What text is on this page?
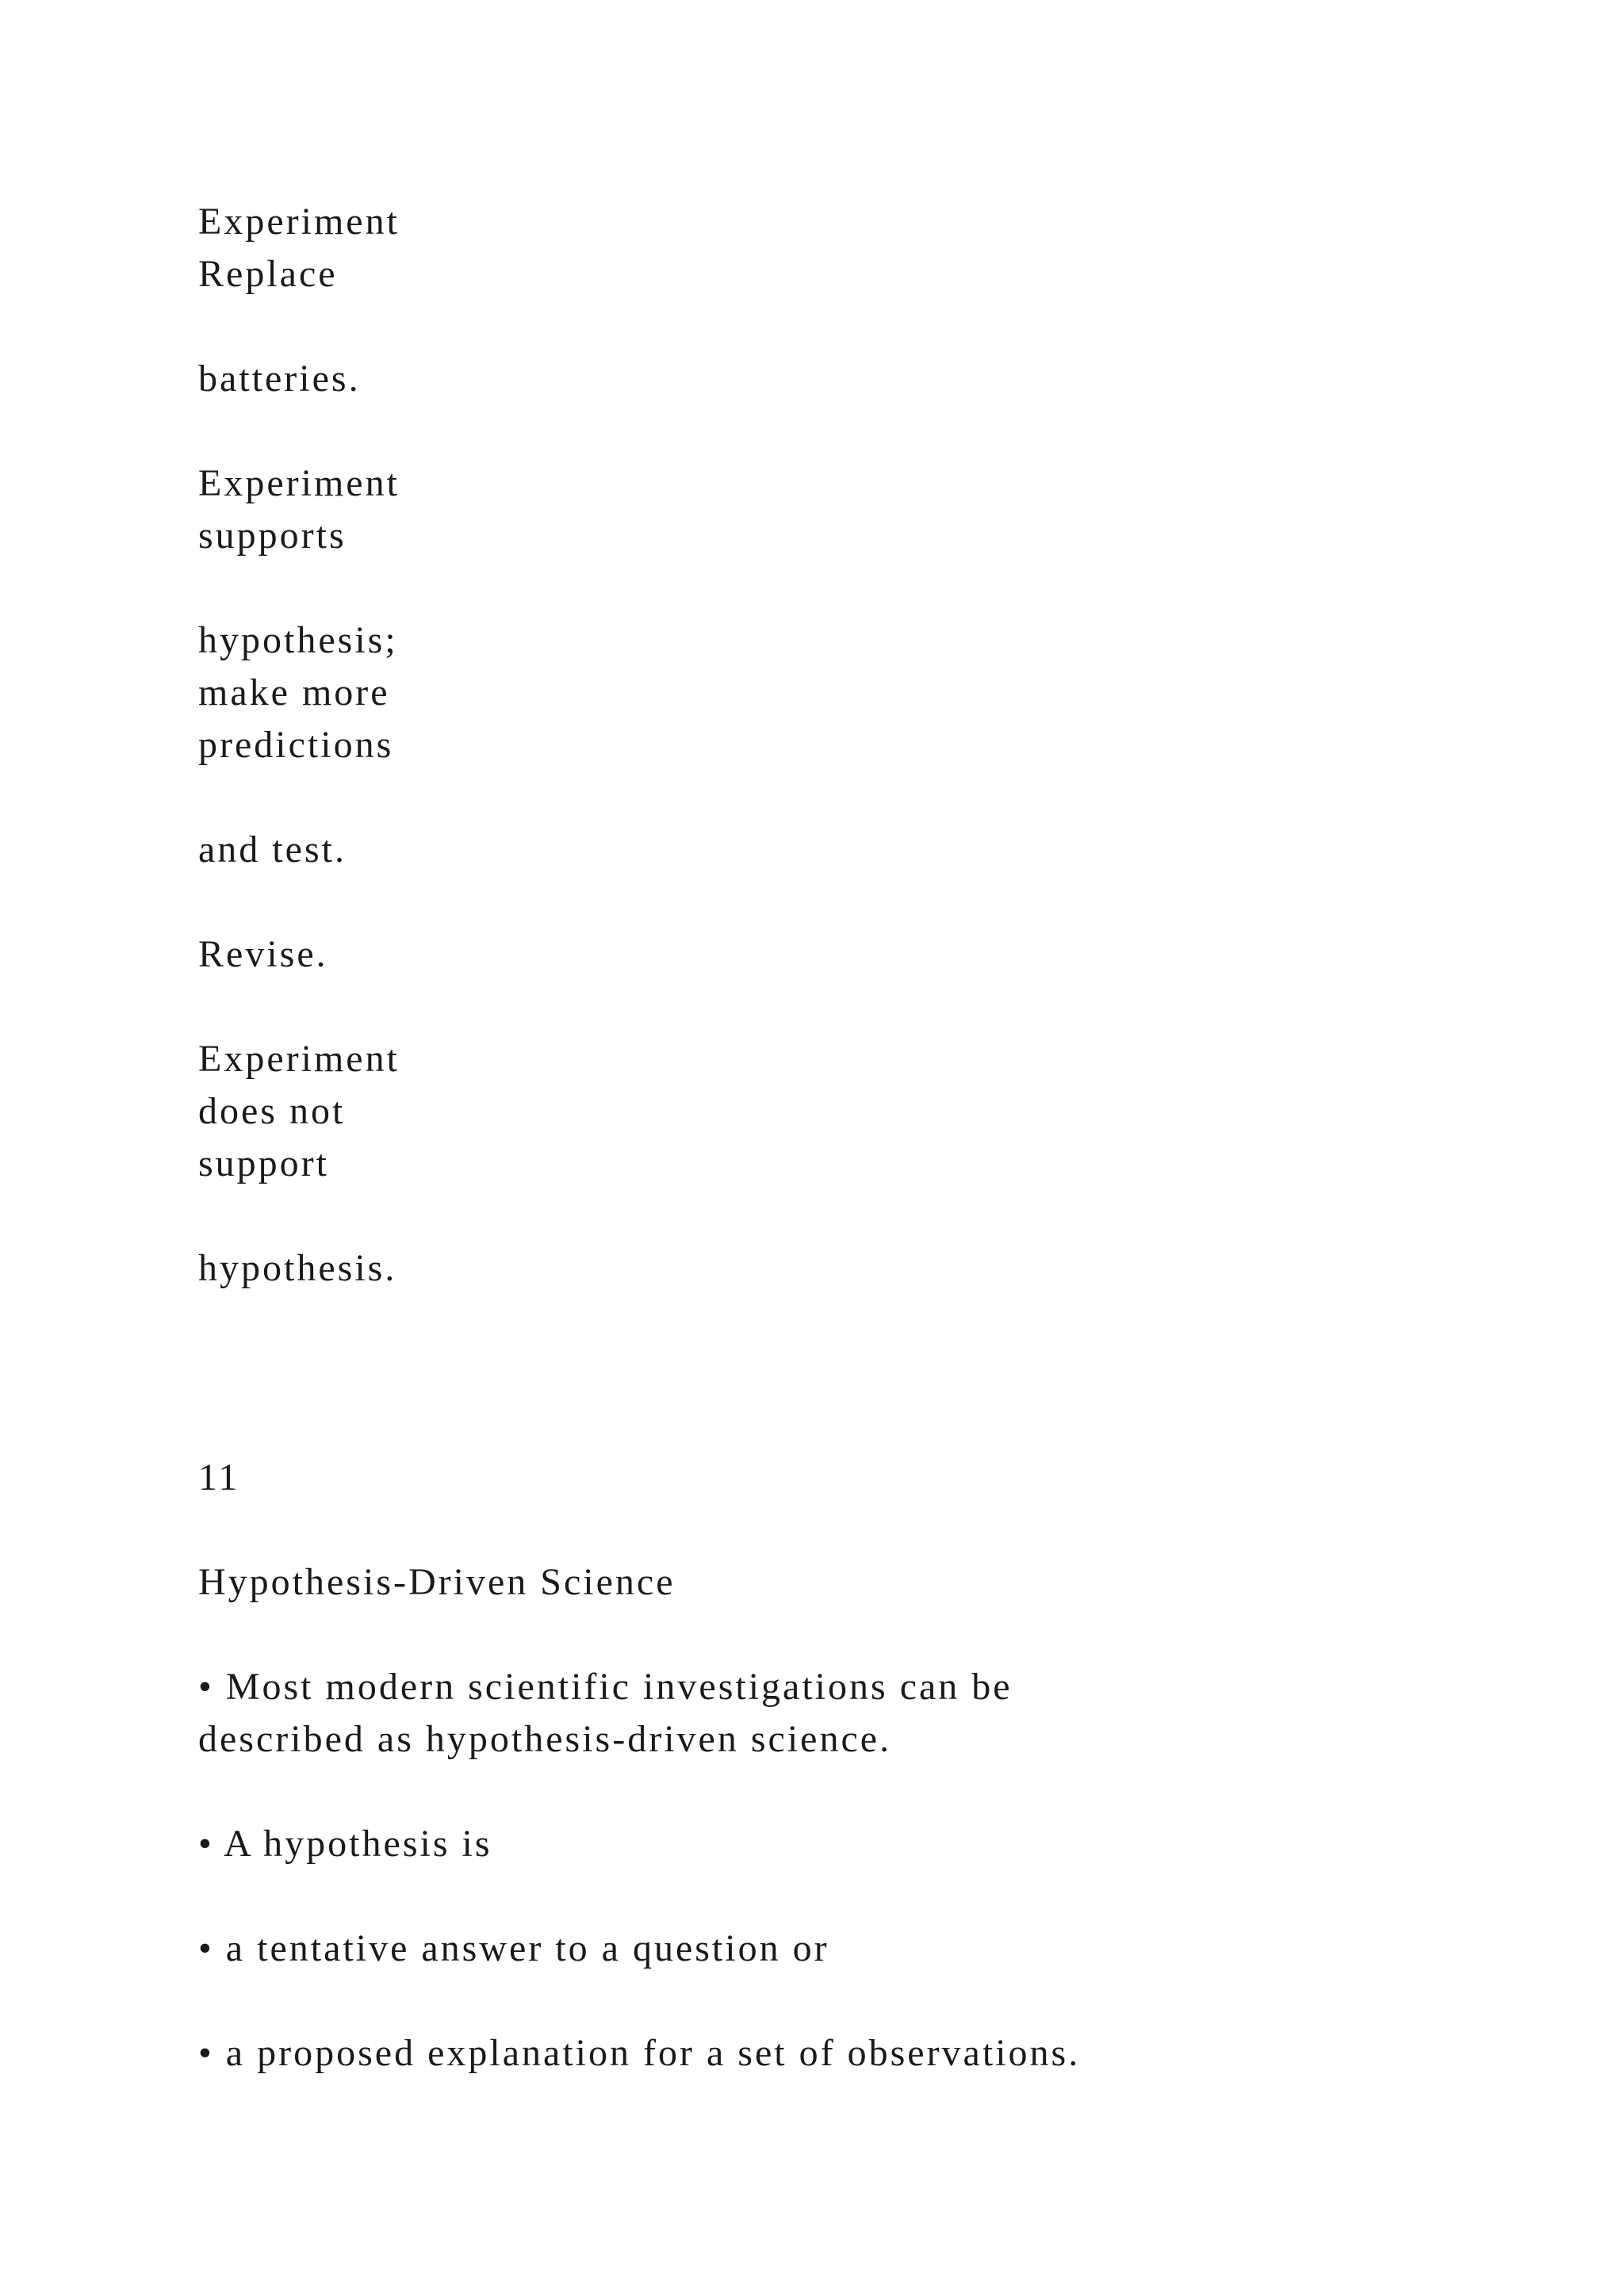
Experiment

Replace

batteries.

Experiment

supports

hypothesis;

make more

predictions

and test.

Revise.

Experiment

does not

support

hypothesis.

11

Hypothesis-Driven Science

• Most modern scientific investigations can be

described as hypothesis-driven science.

• A hypothesis is

• a tentative answer to a question or

• a proposed explanation for a set of observations.
